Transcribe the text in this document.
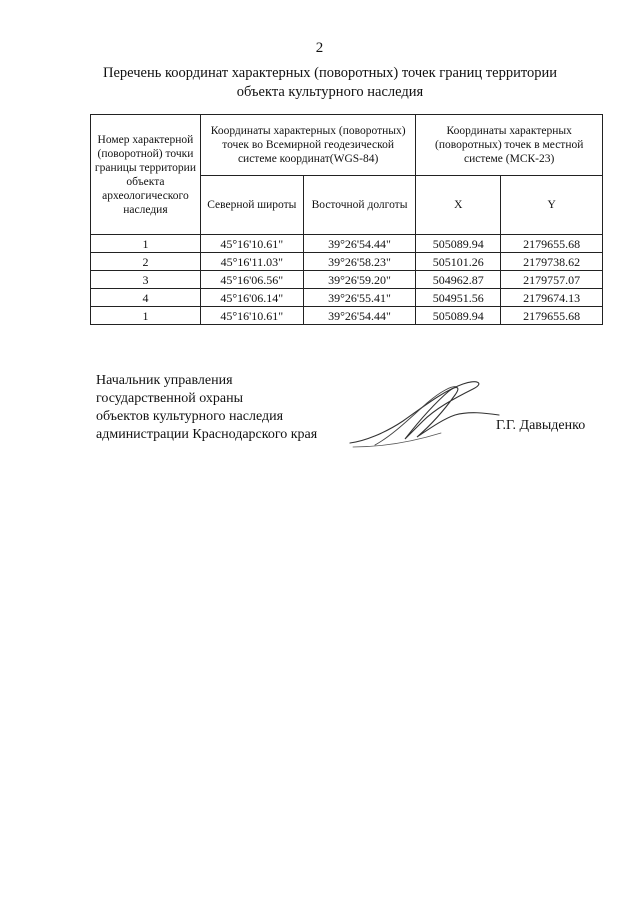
2
Перечень координат характерных (поворотных) точек границ территории
объекта культурного наследия
Номер характерной (поворотной) точки границы территории объекта археологического наследия	Координаты характерных (поворотных) точек во Всемирной геодезической системе координат(WGS-84)		Координаты характерных (поворотных) точек в местной системе (МСК-23)	
	Северной широты	Восточной долготы	X	Y
1	45°16'10.61"	39°26'54.44"	505089.94	2179655.68
2	45°16'11.03"	39°26'58.23"	505101.26	2179738.62
3	45°16'06.56"	39°26'59.20"	504962.87	2179757.07
4	45°16'06.14"	39°26'55.41"	504951.56	2179674.13
1	45°16'10.61"	39°26'54.44"	505089.94	2179655.68
Начальник управления
государственной охраны
объектов культурного наследия
администрации Краснодарского края
Г.Г. Давыденко
